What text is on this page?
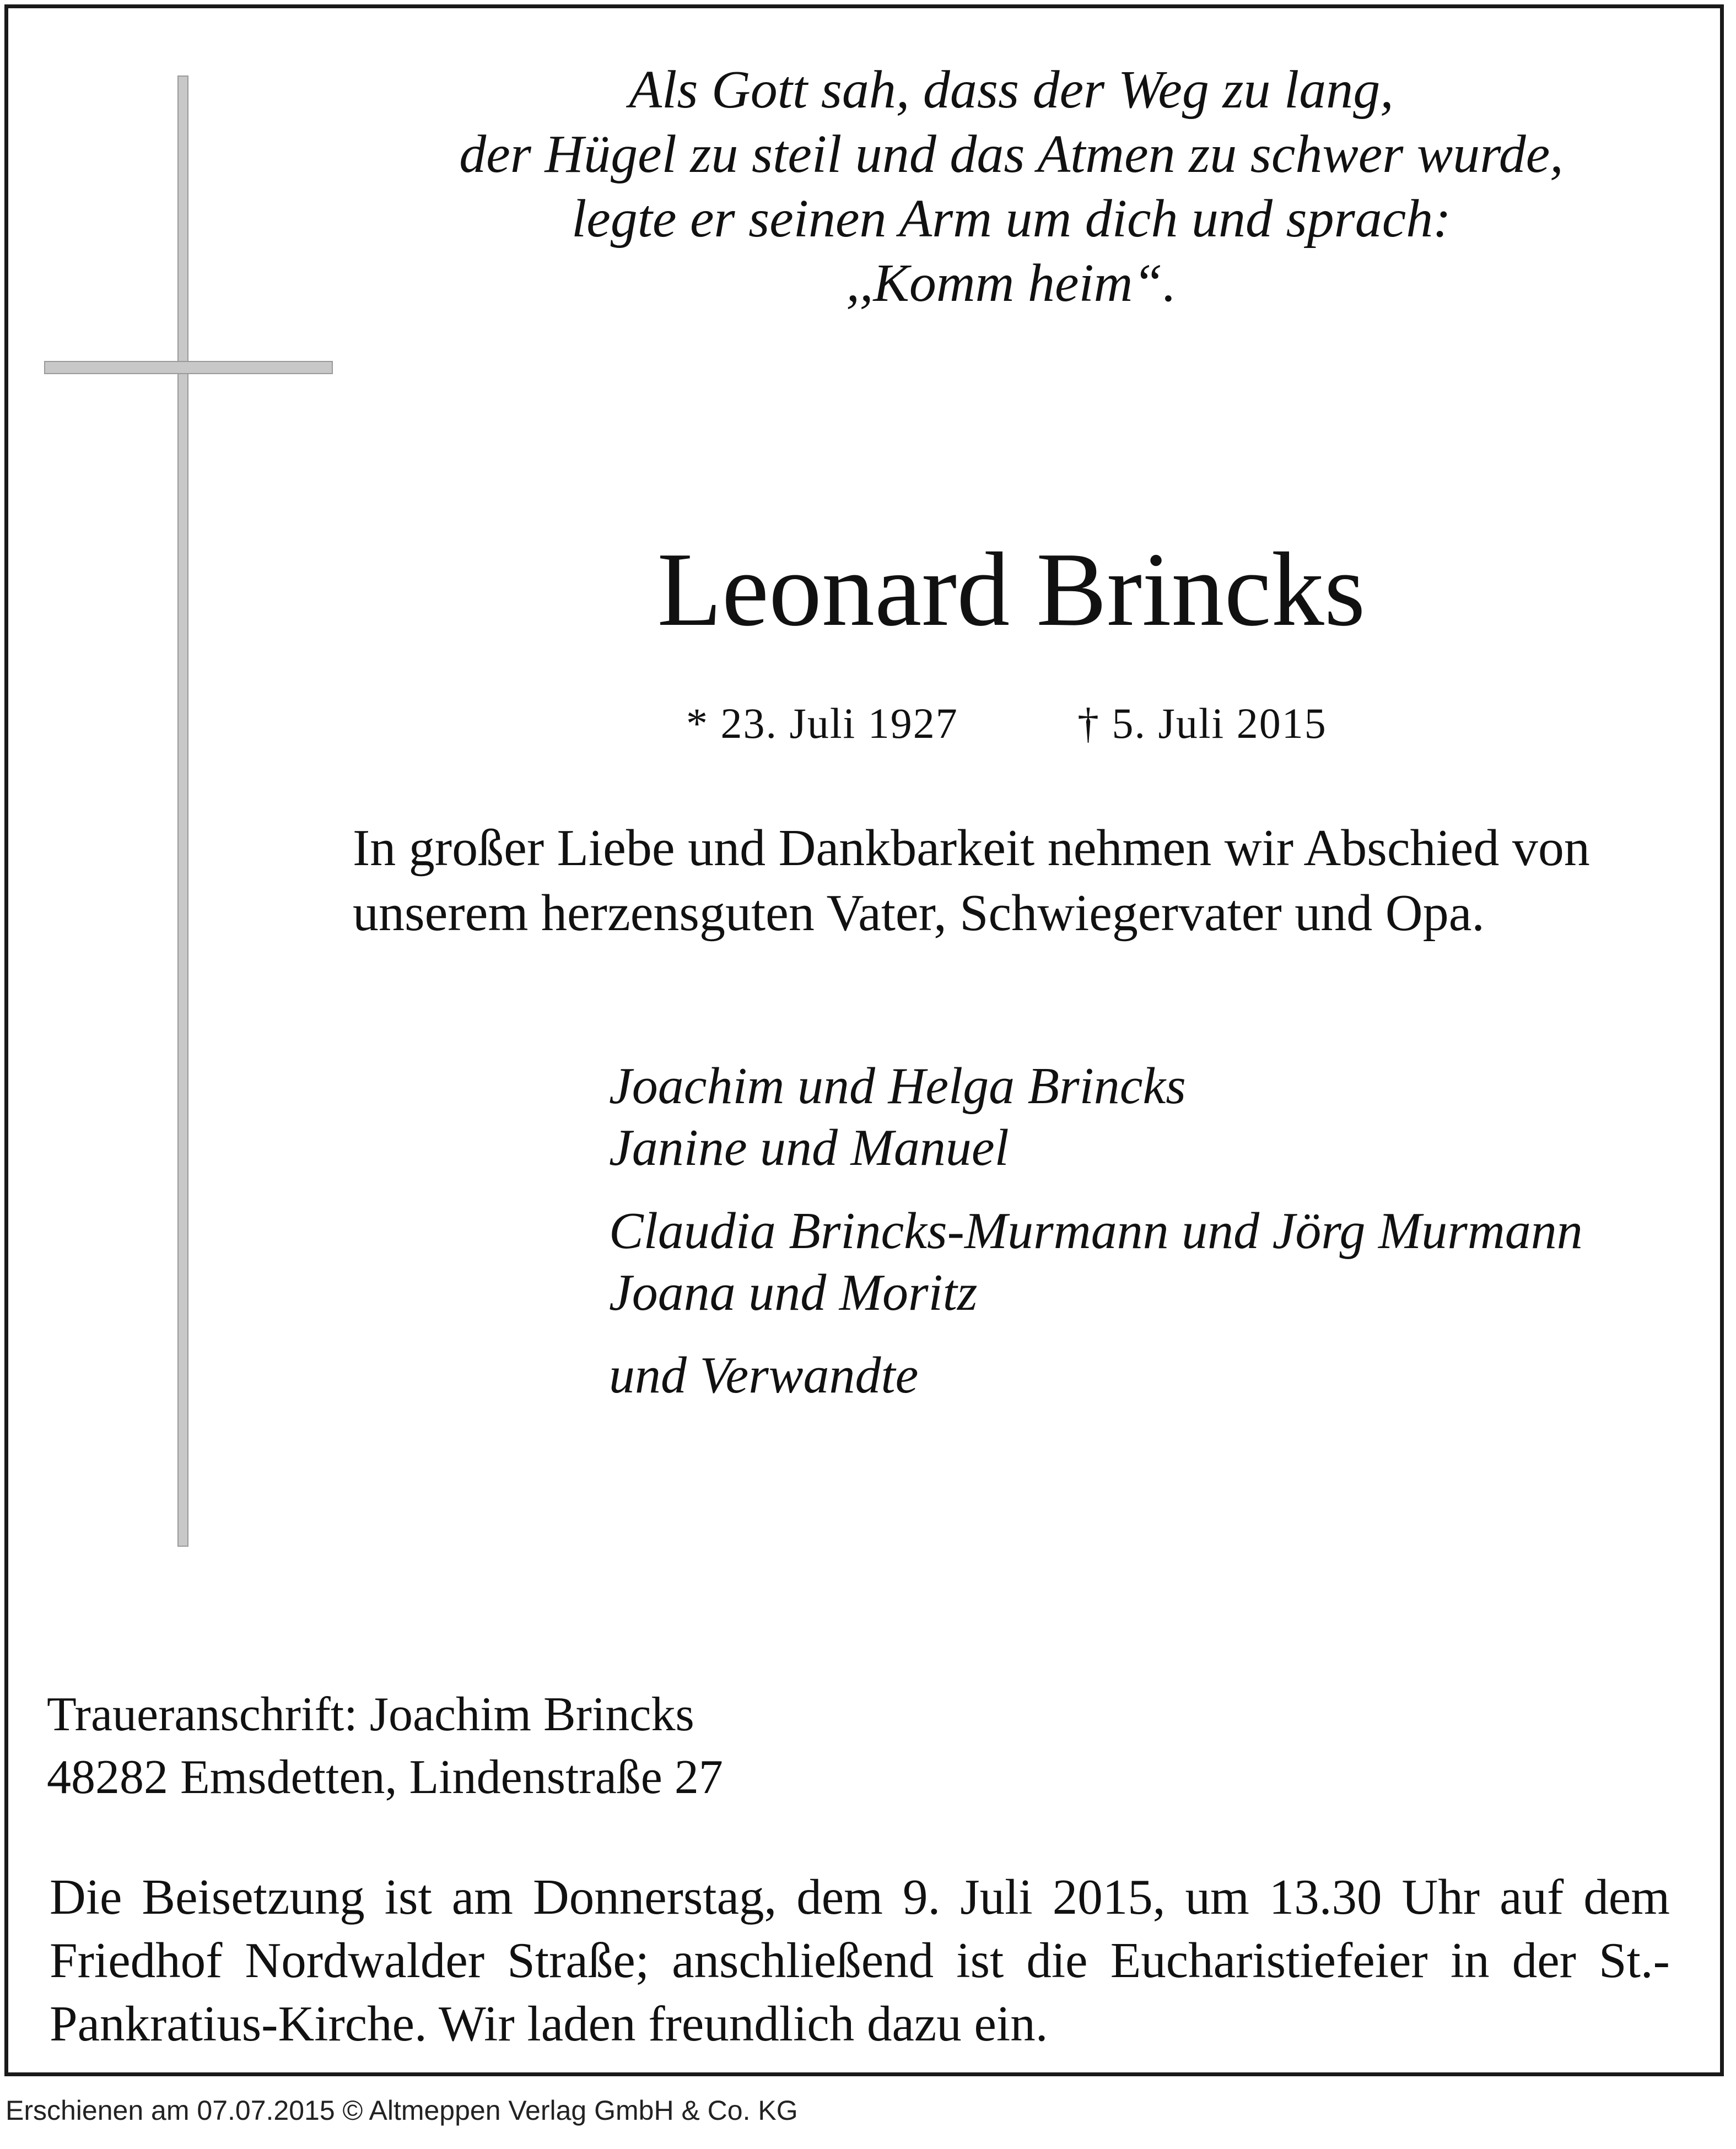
Als Gott sah, dass der Weg zu lang,
der Hügel zu steil und das Atmen zu schwer wurde,
legte er seinen Arm um dich und sprach:
,,Komm heim“.
Leonard Brincks
* 23. Juli 1927	† 5. Juli 2015
In großer Liebe und Dankbarkeit nehmen wir Abschied von
unserem herzensguten Vater, Schwiegervater und Opa.
Joachim und Helga Brincks
Janine und Manuel
Claudia Brincks-Murmann und Jörg Murmann
Joana und Moritz
und Verwandte
Traueranschrift: Joachim Brincks
48282 Emsdetten, Lindenstraße 27
Die Beisetzung ist am Donnerstag, dem 9. Juli 2015, um 13.30 Uhr auf dem Friedhof Nordwalder Straße; anschließend ist die Eucharistiefeier in der St.-Pankratius-Kirche. Wir laden freundlich dazu ein.
Erschienen am 07.07.2015 © Altmeppen Verlag GmbH & Co. KG
